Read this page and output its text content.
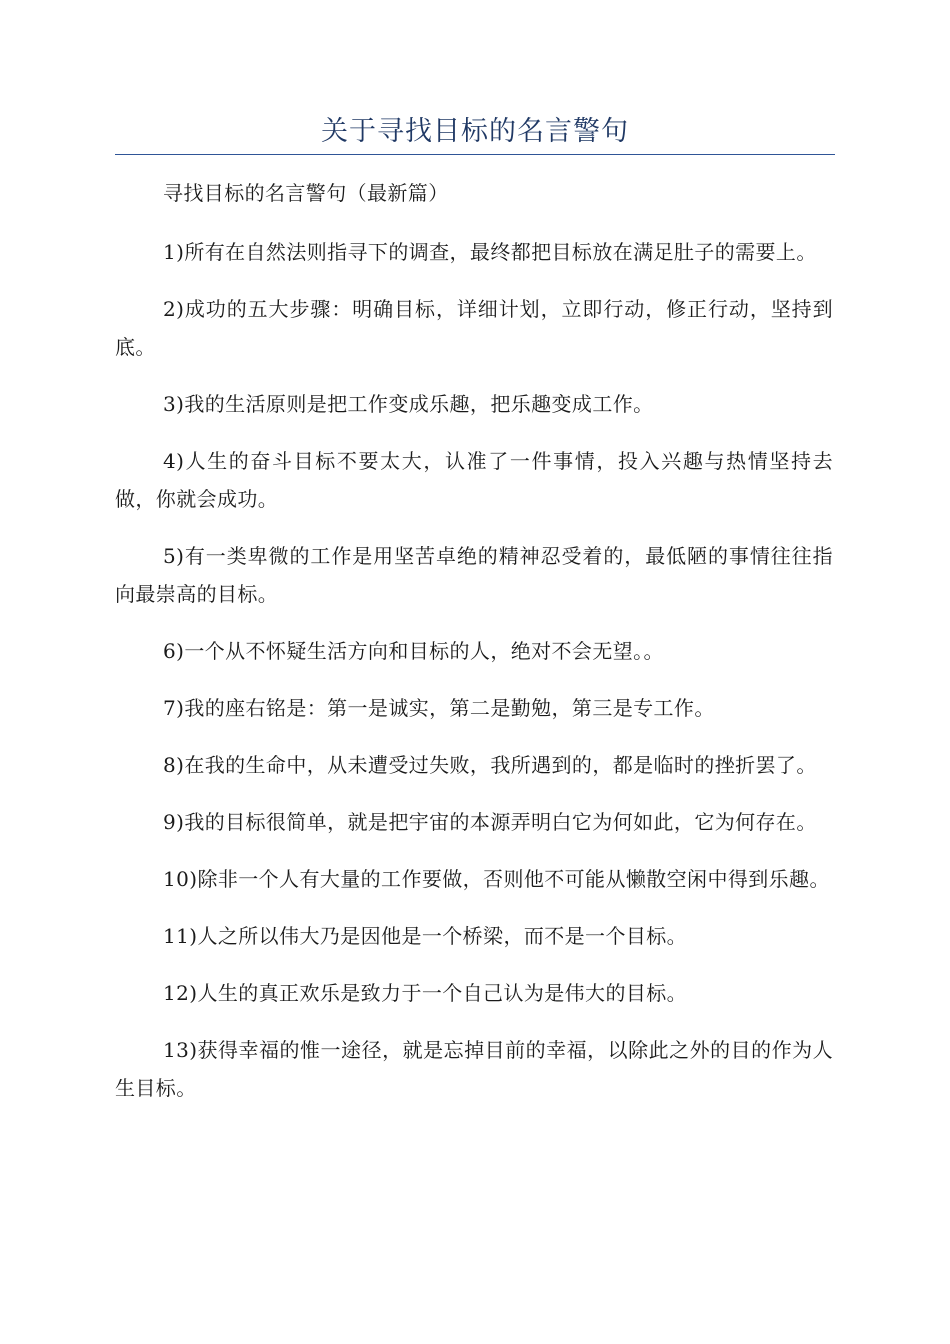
关于寻找目标的名言警句

寻找目标的名言警句（最新篇）

1)所有在自然法则指寻下的调查，最终都把目标放在满足肚子的需要上。

2)成功的五大步骤：明确目标，详细计划，立即行动，修正行动，坚持到底。

3)我的生活原则是把工作变成乐趣，把乐趣变成工作。

4)人生的奋斗目标不要太大，认准了一件事情，投入兴趣与热情坚持去做，你就会成功。

5)有一类卑微的工作是用坚苦卓绝的精神忍受着的，最低陋的事情往往指向最崇高的目标。

6)一个从不怀疑生活方向和目标的人，绝对不会无望。。

7)我的座右铭是：第一是诚实，第二是勤勉，第三是专工作。

8)在我的生命中，从未遭受过失败，我所遇到的，都是临时的挫折罢了。

9)我的目标很简单，就是把宇宙的本源弄明白它为何如此，它为何存在。

10)除非一个人有大量的工作要做，否则他不可能从懒散空闲中得到乐趣。

11)人之所以伟大乃是因他是一个桥梁，而不是一个目标。

12)人生的真正欢乐是致力于一个自己认为是伟大的目标。

13)获得幸福的惟一途径，就是忘掉目前的幸福，以除此之外的目的作为人生目标。
